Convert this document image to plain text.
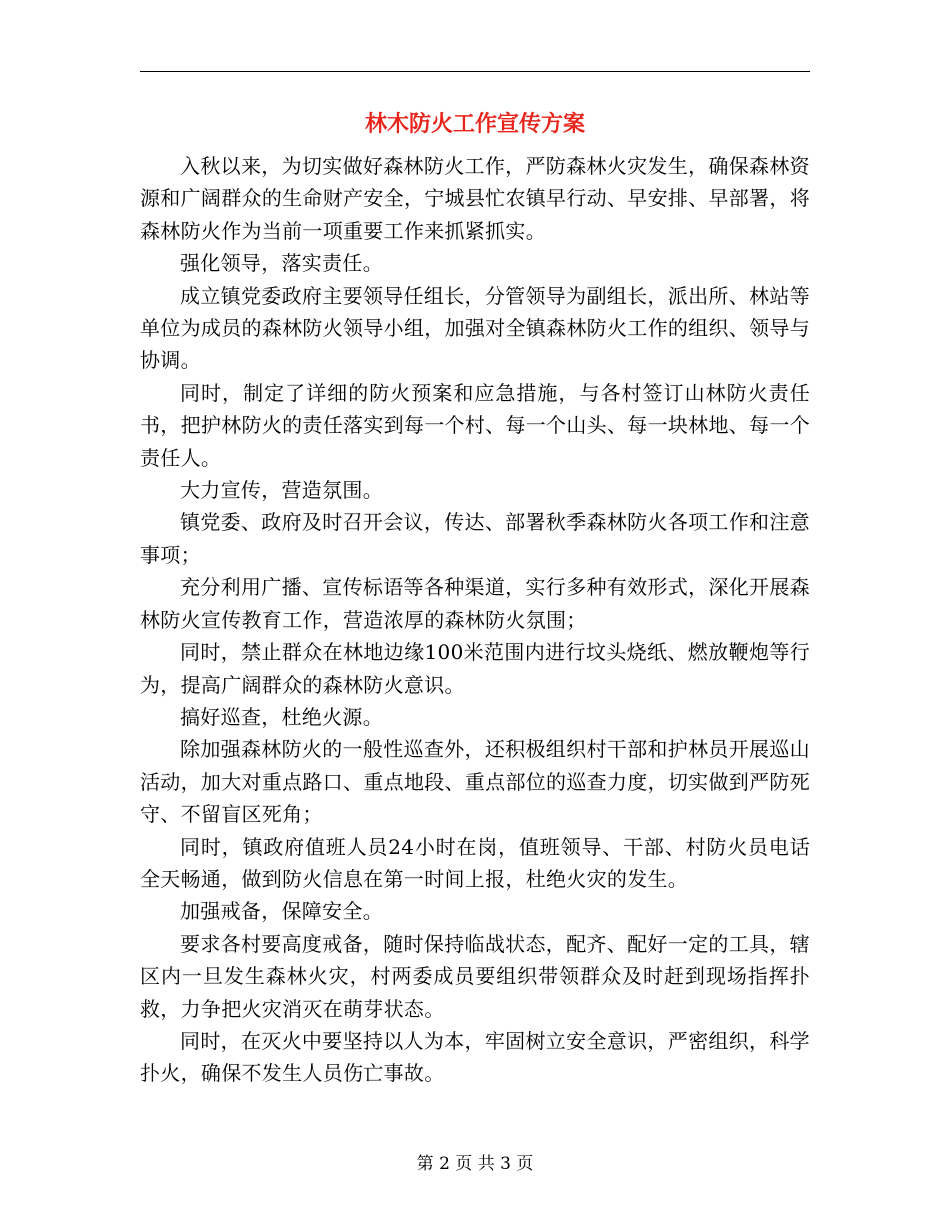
林木防火工作宣传方案

入秋以来，为切实做好森林防火工作，严防森林火灾发生，确保森林资源和广阔群众的生命财产安全，宁城县忙农镇早行动、早安排、早部署，将森林防火作为当前一项重要工作来抓紧抓实。

强化领导，落实责任。

成立镇党委政府主要领导任组长，分管领导为副组长，派出所、林站等单位为成员的森林防火领导小组，加强对全镇森林防火工作的组织、领导与协调。

同时，制定了详细的防火预案和应急措施，与各村签订山林防火责任书，把护林防火的责任落实到每一个村、每一个山头、每一块林地、每一个责任人。

大力宣传，营造氛围。

镇党委、政府及时召开会议，传达、部署秋季森林防火各项工作和注意事项；

充分利用广播、宣传标语等各种渠道，实行多种有效形式，深化开展森林防火宣传教育工作，营造浓厚的森林防火氛围；

同时，禁止群众在林地边缘100米范围内进行坟头烧纸、燃放鞭炮等行为，提高广阔群众的森林防火意识。

搞好巡查，杜绝火源。

除加强森林防火的一般性巡查外，还积极组织村干部和护林员开展巡山活动，加大对重点路口、重点地段、重点部位的巡查力度，切实做到严防死守、不留盲区死角；

同时，镇政府值班人员24小时在岗，值班领导、干部、村防火员电话全天畅通，做到防火信息在第一时间上报，杜绝火灾的发生。

加强戒备，保障安全。

要求各村要高度戒备，随时保持临战状态，配齐、配好一定的工具，辖区内一旦发生森林火灾，村两委成员要组织带领群众及时赶到现场指挥扑救，力争把火灾消灭在萌芽状态。

同时，在灭火中要坚持以人为本，牢固树立安全意识，严密组织，科学扑火，确保不发生人员伤亡事故。

第 2 页 共 3 页
